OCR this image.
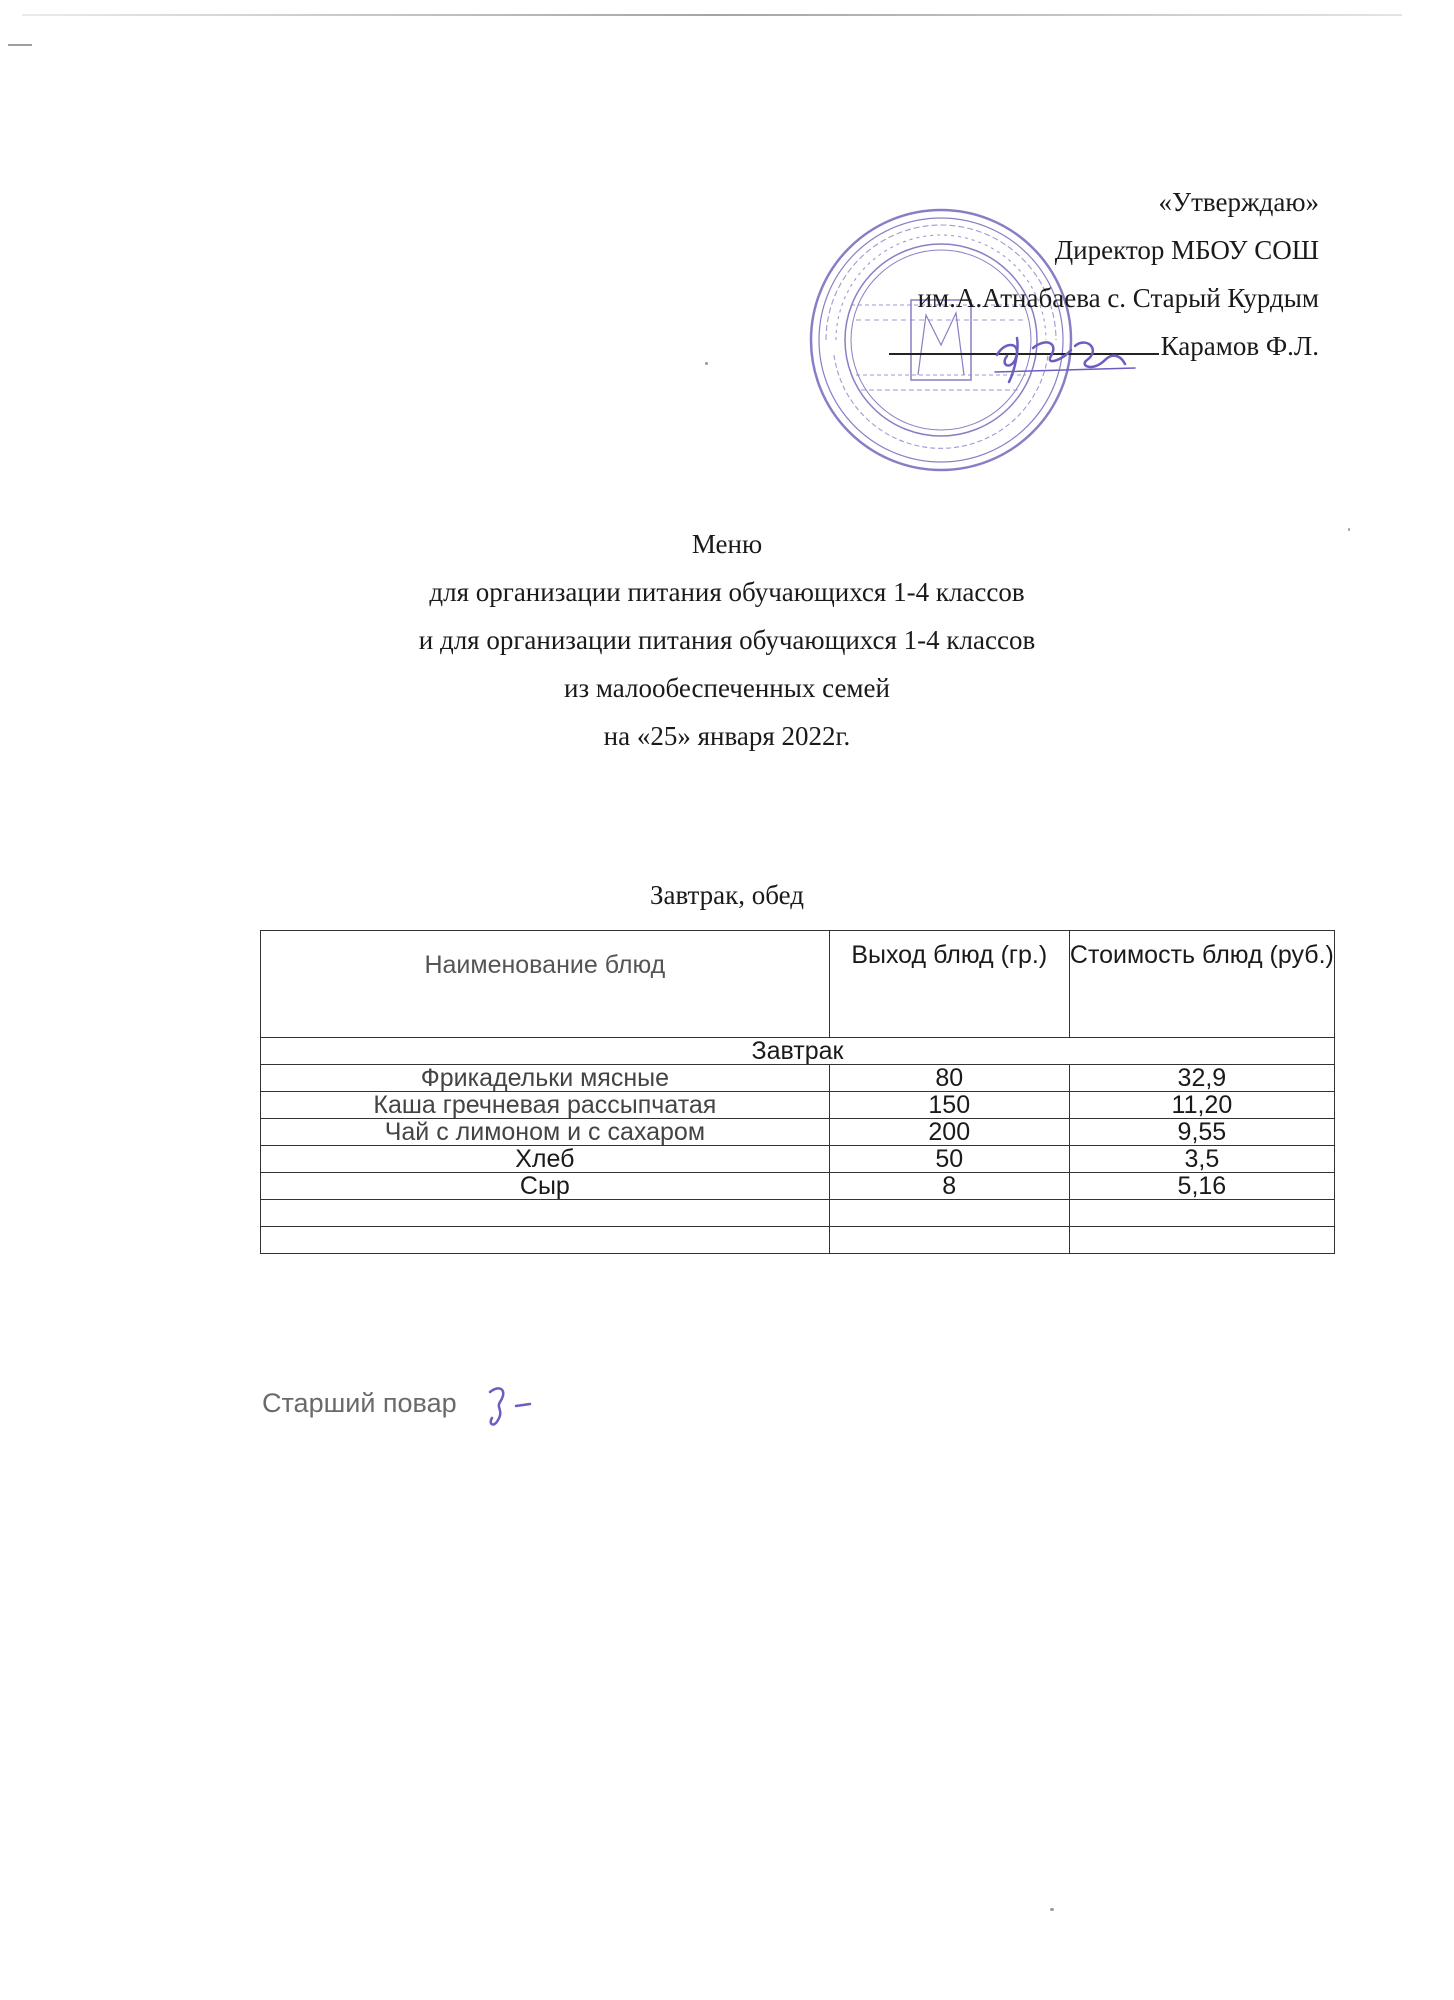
«Утверждаю»
Директор МБОУ СОШ
им.А.Атнабаева с. Старый Курдым
Карамов Ф.Л.
Меню
для организации питания обучающихся 1-4 классов
и для организации питания обучающихся 1-4 классов
из малообеспеченных семей
на «25» января 2022г.
Завтрак, обед
Наименование блюд	Выход блюд (гр.)	Стоимость блюд (руб.)
Завтрак		
Фрикадельки мясные	80	32,9
Каша гречневая рассыпчатая	150	11,20
Чай с лимоном и с сахаром	200	9,55
Хлеб	50	3,5
Сыр	8	5,16

Старший повар
